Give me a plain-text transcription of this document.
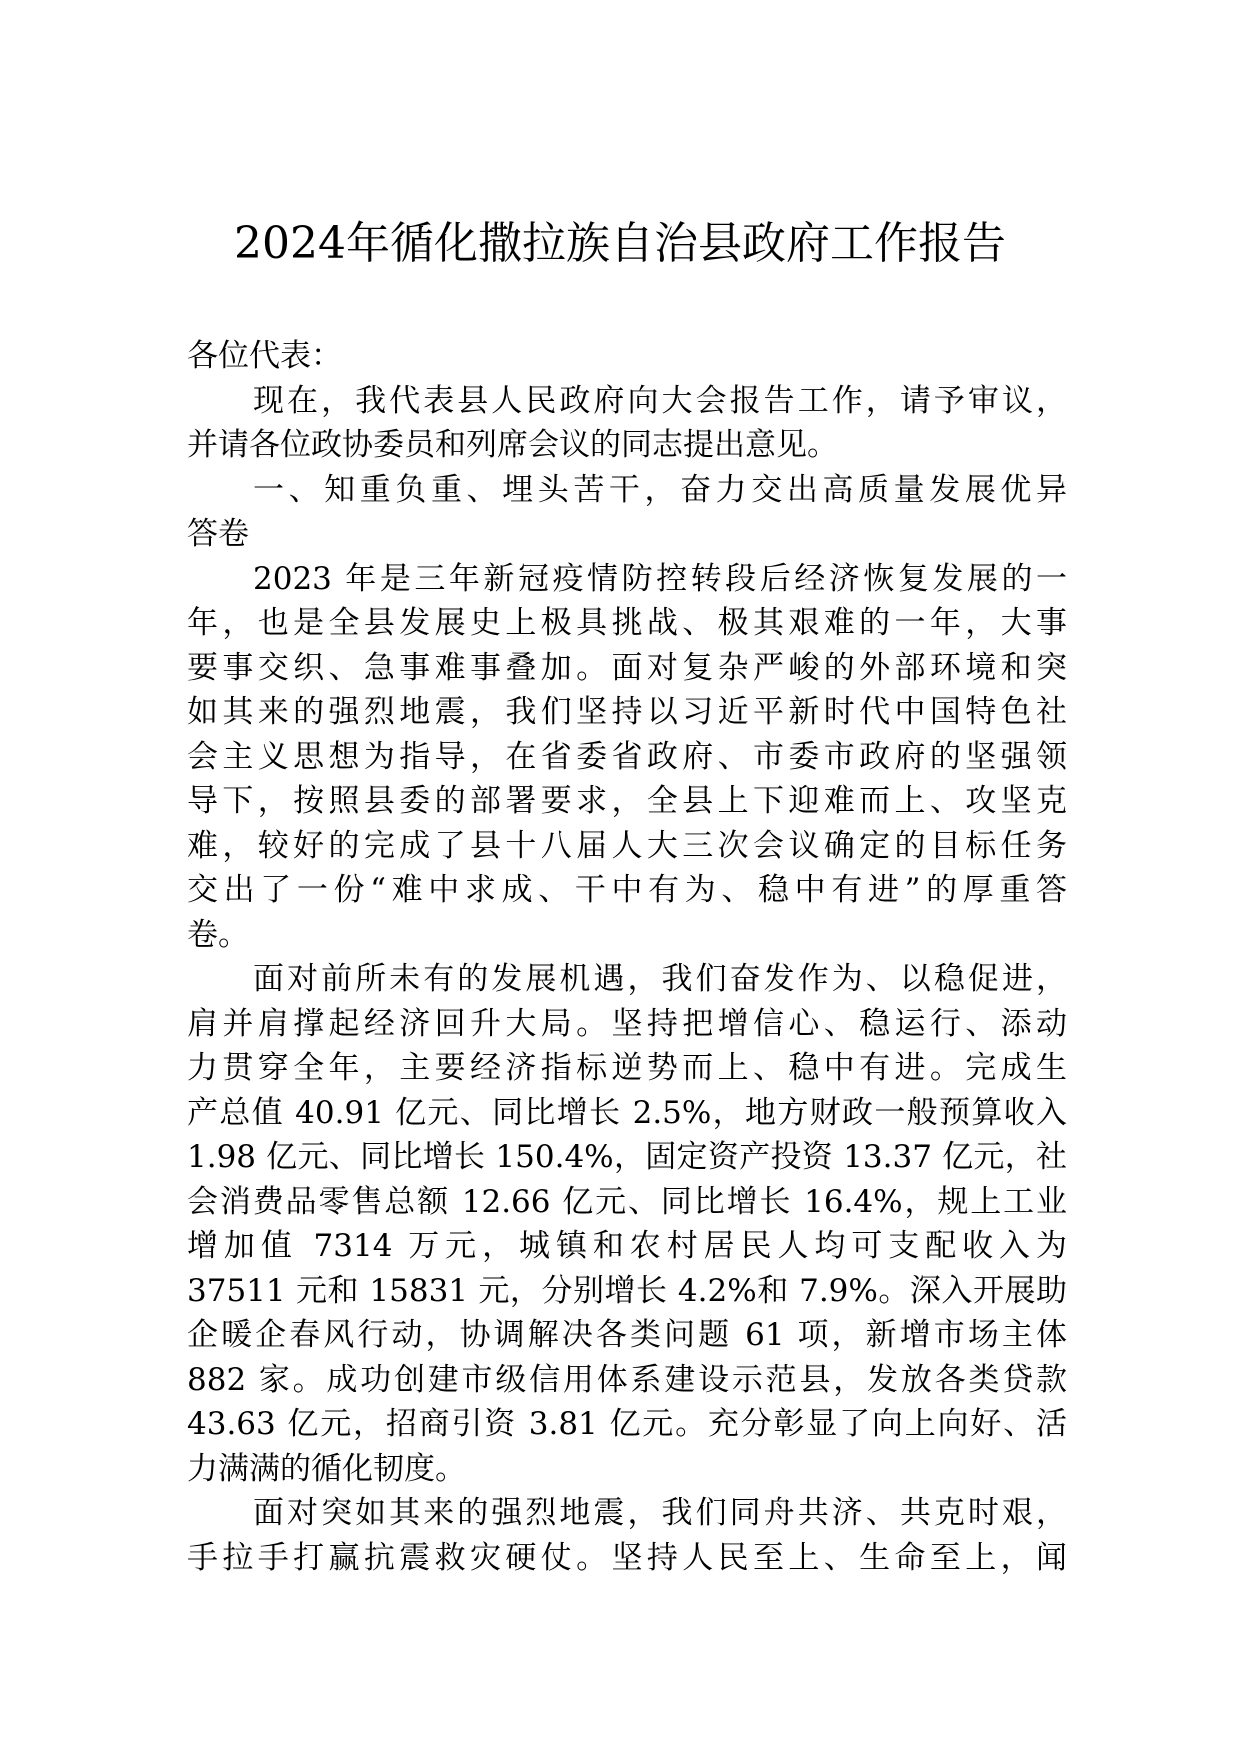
2024年循化撒拉族自治县政府工作报告
各位代表：
现在，我代表县人民政府向大会报告工作，请予审议，
并请各位政协委员和列席会议的同志提出意见。
一、知重负重、埋头苦干，奋力交出高质量发展优异
答卷
2023 年是三年新冠疫情防控转段后经济恢复发展的一
年，也是全县发展史上极具挑战、极其艰难的一年，大事
要事交织、急事难事叠加。面对复杂严峻的外部环境和突
如其来的强烈地震，我们坚持以习近平新时代中国特色社
会主义思想为指导，在省委省政府、市委市政府的坚强领
导下，按照县委的部署要求，全县上下迎难而上、攻坚克
难，较好的完成了县十八届人大三次会议确定的目标任务
交出了一份“难中求成、干中有为、稳中有进”的厚重答
卷。
面对前所未有的发展机遇，我们奋发作为、以稳促进，
肩并肩撑起经济回升大局。坚持把增信心、稳运行、添动
力贯穿全年，主要经济指标逆势而上、稳中有进。完成生
产总值 40.91 亿元、同比增长 2.5%，地方财政一般预算收入
1.98 亿元、同比增长 150.4%，固定资产投资 13.37 亿元，社
会消费品零售总额 12.66 亿元、同比增长 16.4%，规上工业
增加值 7314 万元，城镇和农村居民人均可支配收入为
37511 元和 15831 元，分别增长 4.2%和 7.9%。深入开展助
企暖企春风行动，协调解决各类问题 61 项，新增市场主体
882 家。成功创建市级信用体系建设示范县，发放各类贷款
43.63 亿元，招商引资 3.81 亿元。充分彰显了向上向好、活
力满满的循化韧度。
面对突如其来的强烈地震，我们同舟共济、共克时艰，
手拉手打赢抗震救灾硬仗。坚持人民至上、生命至上，闻
